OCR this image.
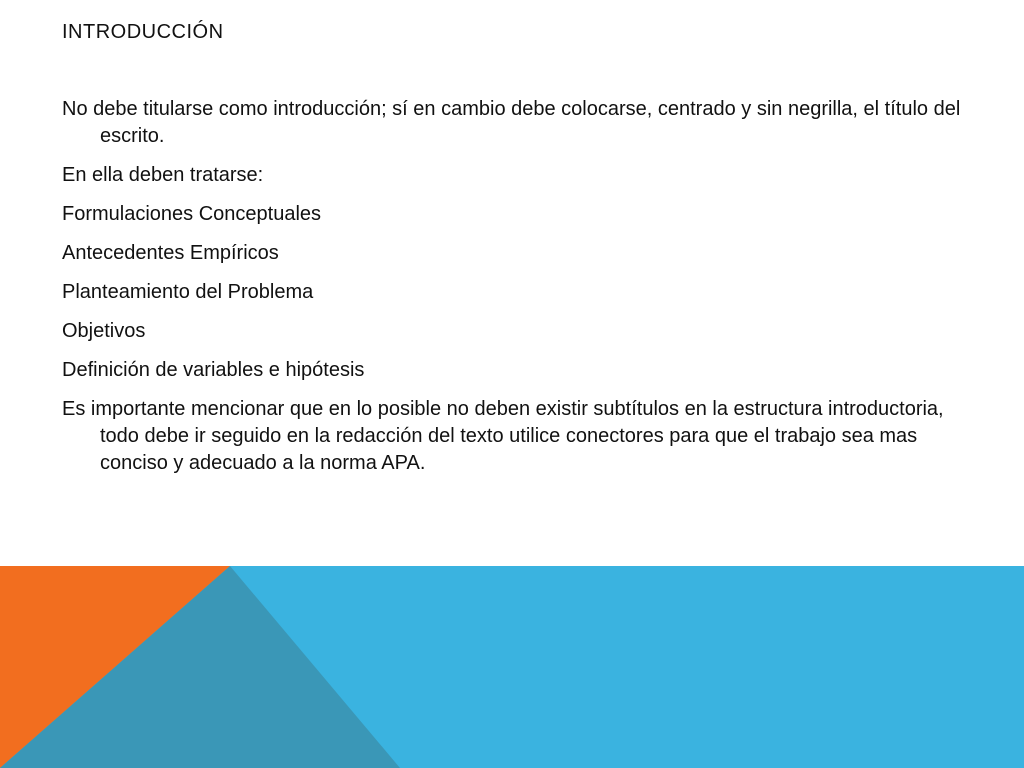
INTRODUCCIÓN

No debe titularse como introducción; sí en cambio debe colocarse, centrado y sin negrilla, el título del escrito.

En ella deben tratarse:

Formulaciones Conceptuales

Antecedentes Empíricos

Planteamiento del Problema

Objetivos

Definición de variables e hipótesis

Es importante mencionar que en lo posible no deben existir subtítulos en la estructura introductoria, todo debe ir seguido en la redacción del texto utilice conectores para que el trabajo sea mas conciso y adecuado a la norma APA.
